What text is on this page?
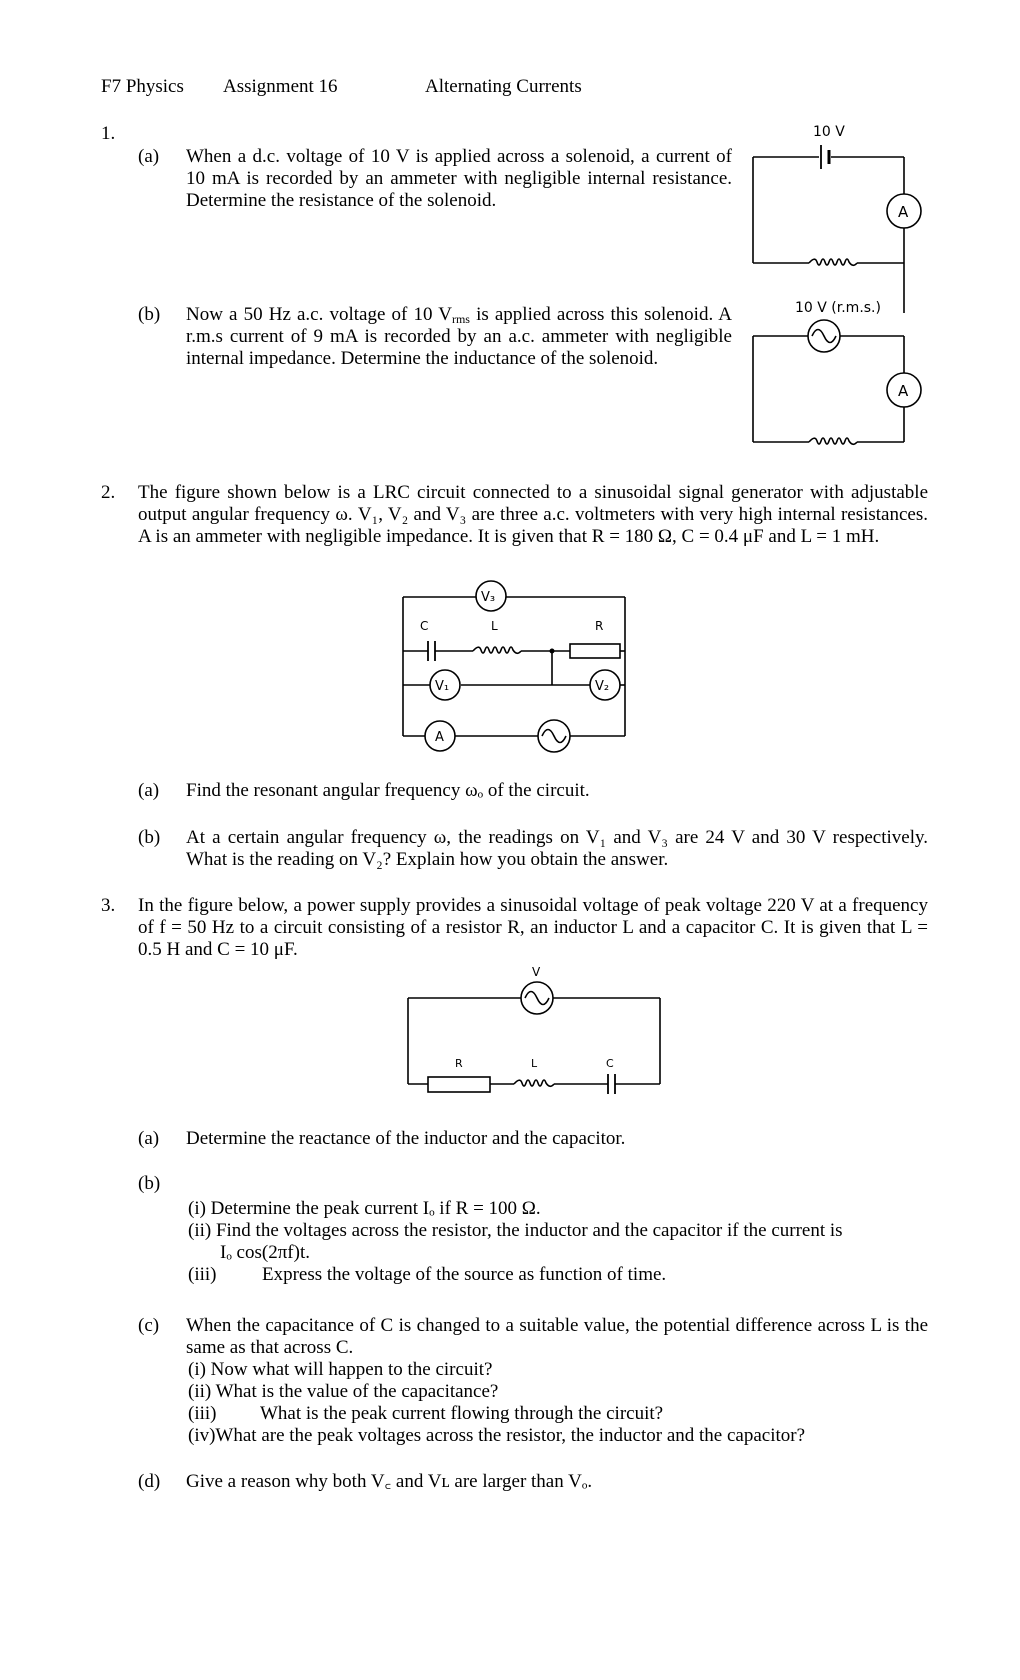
F7 Physics Assignment 16	Alternating Currents
1.
(a) When a d.c. voltage of 10 V is applied across a solenoid, a current of 10 mA is recorded by an ammeter with negligible internal resistance. Determine the resistance of the solenoid.
(b) Now a 50 Hz a.c. voltage of 10 $V_{rms}$ is applied across this solenoid. A r.m.s current of 9 mA is recorded by an a.c. ammeter with negligible internal impedance. Determine the inductance of the solenoid.
10 V
A
10 V (r.m.s.)
A
2. The figure shown below is a LRC circuit connected to a sinusoidal signal generator with adjustable output angular frequency ω. V₁, V₂ and V₃ are three a.c. voltmeters with very high internal resistances. A is an ammeter with negligible impedance. It is given that R = 180 Ω, C = 0.4 μF and L = 1 mH.
V₃
C	L	R
V₁	V₂
A
(a) Find the resonant angular frequency ωₒ of the circuit.
(b) At a certain angular frequency ω, the readings on V₁ and V₃ are 24 V and 30 V respectively. What is the reading on V₂? Explain how you obtain the answer.
3. In the figure below, a power supply provides a sinusoidal voltage of peak voltage 220 V at a frequency of f = 50 Hz to a circuit consisting of a resistor R, an inductor L and a capacitor C. It is given that L = 0.5 H and C = 10 μF.
V
R	L	C
(a) Determine the reactance of the inductor and the capacitor.
(b)
(i) Determine the peak current Iₒ if R = 100 Ω.
(ii) Find the voltages across the resistor, the inductor and the capacitor if the current is
Iₒ cos(2πf)t.
(iii) Express the voltage of the source as function of time.
(c) When the capacitance of C is changed to a suitable value, the potential difference across L is the same as that across C.
(i) Now what will happen to the circuit?
(ii) What is the value of the capacitance?
(iii) What is the peak current flowing through the circuit?
(iv)What are the peak voltages across the resistor, the inductor and the capacitor?
(d) Give a reason why both V꜀ and Vʟ are larger than Vₒ.
